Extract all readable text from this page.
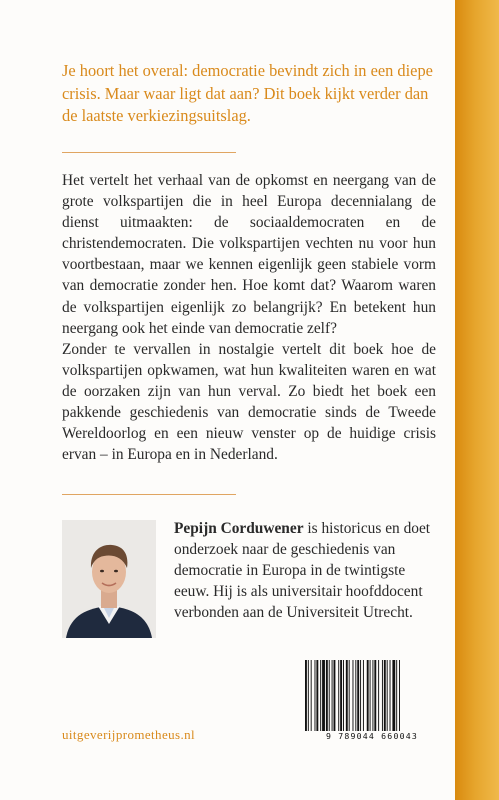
Je hoort het overal: democratie bevindt zich in een diepe crisis. Maar waar ligt dat aan? Dit boek kijkt verder dan de laatste verkiezingsuitslag.

Het vertelt het verhaal van de opkomst en neergang van de grote volkspartijen die in heel Europa decennialang de dienst uitmaakten: de sociaaldemocraten en de christendemocraten. Die volkspartijen vechten nu voor hun voortbestaan, maar we kennen eigenlijk geen stabiele vorm van democratie zonder hen. Hoe komt dat? Waarom waren de volkspartijen eigenlijk zo belangrijk? En betekent hun neergang ook het einde van democratie zelf?

Zonder te vervallen in nostalgie vertelt dit boek hoe de volkspartijen opkwamen, wat hun kwaliteiten waren en wat de oorzaken zijn van hun verval. Zo biedt het boek een pakkende geschiedenis van democratie sinds de Tweede Wereldoorlog en een nieuw venster op de huidige crisis ervan – in Europa en in Nederland.

Pepijn Corduwener is historicus en doet onderzoek naar de geschiedenis van democratie in Europa in de twintigste eeuw. Hij is als universitair hoofddocent verbonden aan de Universiteit Utrecht.
9 789044 660043
uitgeverijprometheus.nl
